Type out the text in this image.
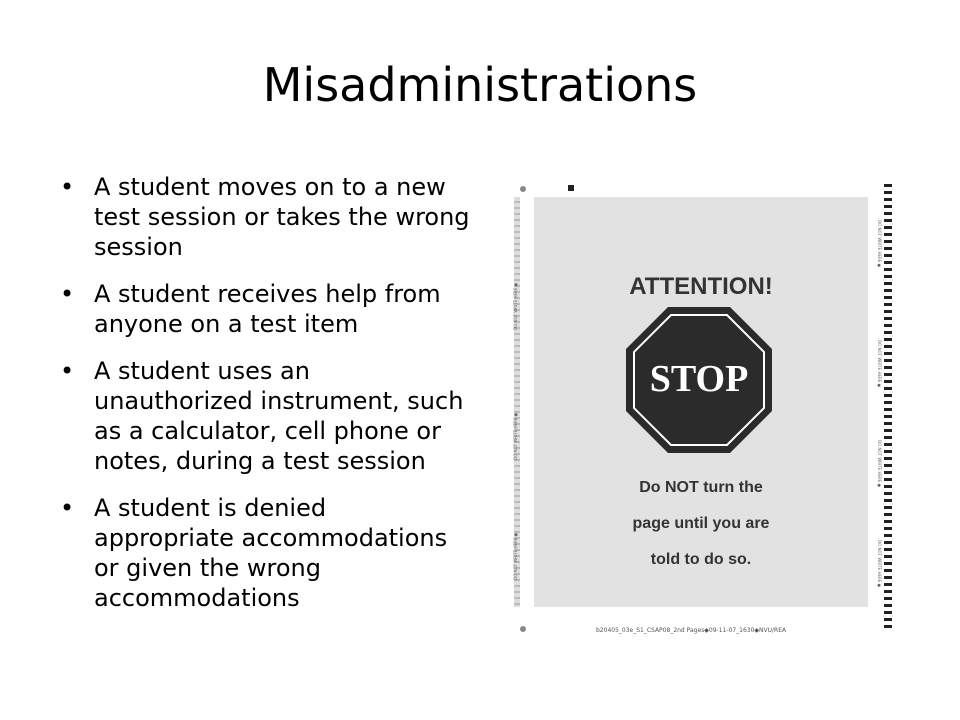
Misadministrations
• A student moves on to a new test session or takes the wrong session
• A student receives help from anyone on a test item
• A student uses an unauthorized instrument, such as a calculator, cell phone or notes, during a test session
• A student is denied appropriate accommodations or given the wrong accommodations
DO NOT WRITE HERE ●
DO NOT WRITE HERE ●
DO NOT WRITE HERE ●
ATTENTION!
STOP
Do NOT turn the
page until you are
told to do so.
DO NOT WRITE HERE ●
DO NOT WRITE HERE ●
DO NOT WRITE HERE ●
DO NOT WRITE HERE ●
b20405_03e_S1_CSAP08_2nd Pages◆09-11-07_1630◆NVU/REA
